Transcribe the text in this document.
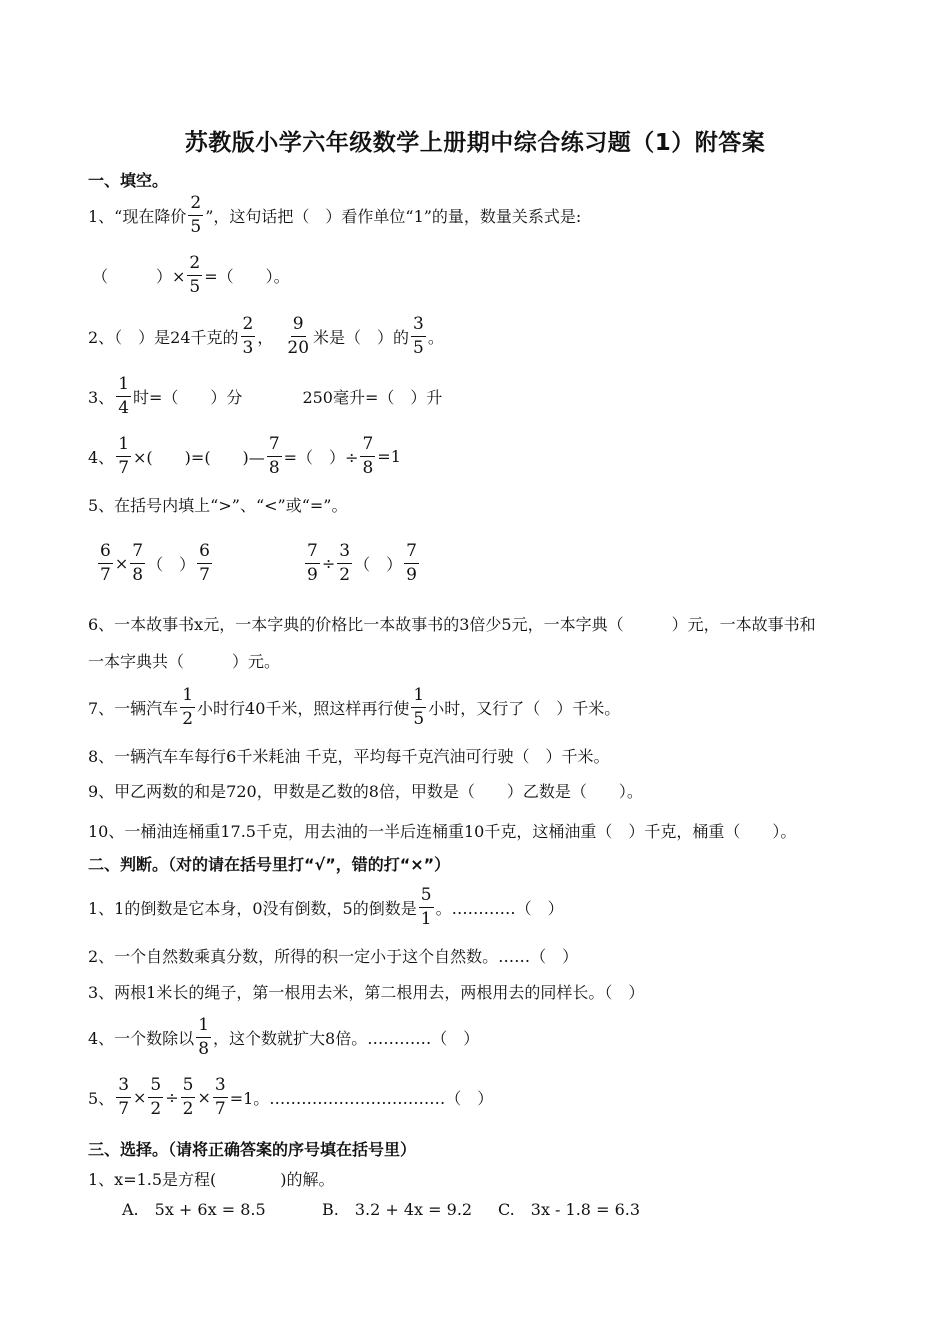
苏教版小学六年级数学上册期中综合练习题（1）附答案
一、填空。
1、“现在降价 $\frac{2}{5}$ ”，这句话把（　）看作单位“1”的量，数量关系式是:
（　　　）× $\frac{2}{5}$ =（　　）。
2、（　）是24千克的 $\frac{2}{3}$ ， $\frac{9}{20}$ 米是（　）的 $\frac{3}{5}$ 。
3、 $\frac{1}{4}$ 时=（　　）分	250毫升=（　）升
4、 $\frac{1}{7}$ ×(　　)=(　　)— $\frac{7}{8}$ =（　）÷ $\frac{7}{8} =1$
5、在括号内填上“>”、“<”或“=”。
$\frac{6}{7} \times \frac{7}{8}$ （　） $\frac{6}{7}$	$\frac{7}{9} \div \frac{3}{2}$ （　） $\frac{7}{9}$
6、一本故事书x元，一本字典的价格比一本故事书的3倍少5元，一本字典（　　　）元，一本故事书和
一本字典共（　　　）元。
7、一辆汽车 $\frac{1}{2}$ 小时行40千米，照这样再行使 $\frac{1}{5}$ 小时，又行了（　）千米。
8、一辆汽车车每行6千米耗油 千克，平均每千克汽油可行驶（　）千米。
9、甲乙两数的和是720，甲数是乙数的8倍，甲数是（　　）乙数是（　　）。
10、一桶油连桶重17.5千克，用去油的一半后连桶重10千克，这桶油重（　）千克，桶重（　　）。
二、判断。（对的请在括号里打“√”，错的打“×”）
1、1的倒数是它本身，0没有倒数，5的倒数是 $\frac{5}{1}$ 。…………（　）
2、一个自然数乘真分数，所得的积一定小于这个自然数。……（　）
3、两根1米长的绳子，第一根用去米，第二根用去，两根用去的同样长。（　）
4、一个数除以 $\frac{1}{8}$ ，这个数就扩大8倍。…………（　）
5、 $\frac{3}{7} \times \frac{5}{2} \div \frac{5}{2} \times \frac{3}{7} =1$。……………………………（　）
三、选择。（请将正确答案的序号填在括号里）
1、x=1.5是方程(　　　　)的解。
A.　5x + 6x = 8.5	B.　3.2 + 4x = 9.2 C.　3x - 1.8 = 6.3
